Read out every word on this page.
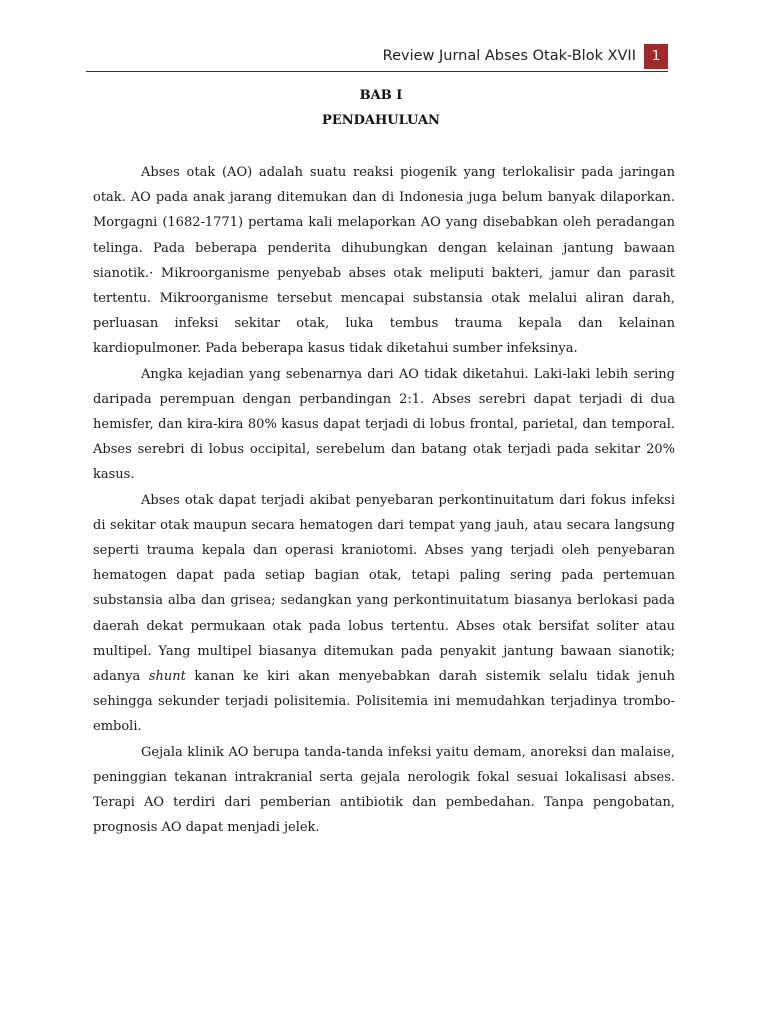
Review Jurnal Abses Otak-Blok XVII	1
BAB I
PENDAHULUAN

Abses otak (AO) adalah suatu reaksi piogenik yang terlokalisir pada jaringan otak. AO pada anak jarang ditemukan dan di Indonesia juga belum banyak dilaporkan. Morgagni (1682-1771) pertama kali melaporkan AO yang disebabkan oleh peradangan telinga. Pada beberapa penderita dihubungkan dengan kelainan jantung bawaan sianotik.· Mikroorganisme penyebab abses otak meliputi bakteri, jamur dan parasit tertentu. Mikroorganisme tersebut mencapai substansia otak melalui aliran darah, perluasan infeksi sekitar otak, luka tembus trauma kepala dan kelainan kardiopulmoner. Pada beberapa kasus tidak diketahui sumber infeksinya.

Angka kejadian yang sebenarnya dari AO tidak diketahui. Laki-laki lebih sering daripada perempuan dengan perbandingan 2:1. Abses serebri dapat terjadi di dua hemisfer, dan kira-kira 80% kasus dapat terjadi di lobus frontal, parietal, dan temporal. Abses serebri di lobus occipital, serebelum dan batang otak terjadi pada sekitar 20% kasus.

Abses otak dapat terjadi akibat penyebaran perkontinuitatum dari fokus infeksi di sekitar otak maupun secara hematogen dari tempat yang jauh, atau secara langsung seperti trauma kepala dan operasi kraniotomi. Abses yang terjadi oleh penyebaran hematogen dapat pada setiap bagian otak, tetapi paling sering pada pertemuan substansia alba dan grisea; sedangkan yang perkontinuitatum biasanya berlokasi pada daerah dekat permukaan otak pada lobus tertentu. Abses otak bersifat soliter atau multipel. Yang multipel biasanya ditemukan pada penyakit jantung bawaan sianotik; adanya shunt kanan ke kiri akan menyebabkan darah sistemik selalu tidak jenuh sehingga sekunder terjadi polisitemia. Polisitemia ini memudahkan terjadinya trombo-emboli.

Gejala klinik AO berupa tanda-tanda infeksi yaitu demam, anoreksi dan malaise, peninggian tekanan intrakranial serta gejala nerologik fokal sesuai lokalisasi abses. Terapi AO terdiri dari pemberian antibiotik dan pembedahan. Tanpa pengobatan, prognosis AO dapat menjadi jelek.
